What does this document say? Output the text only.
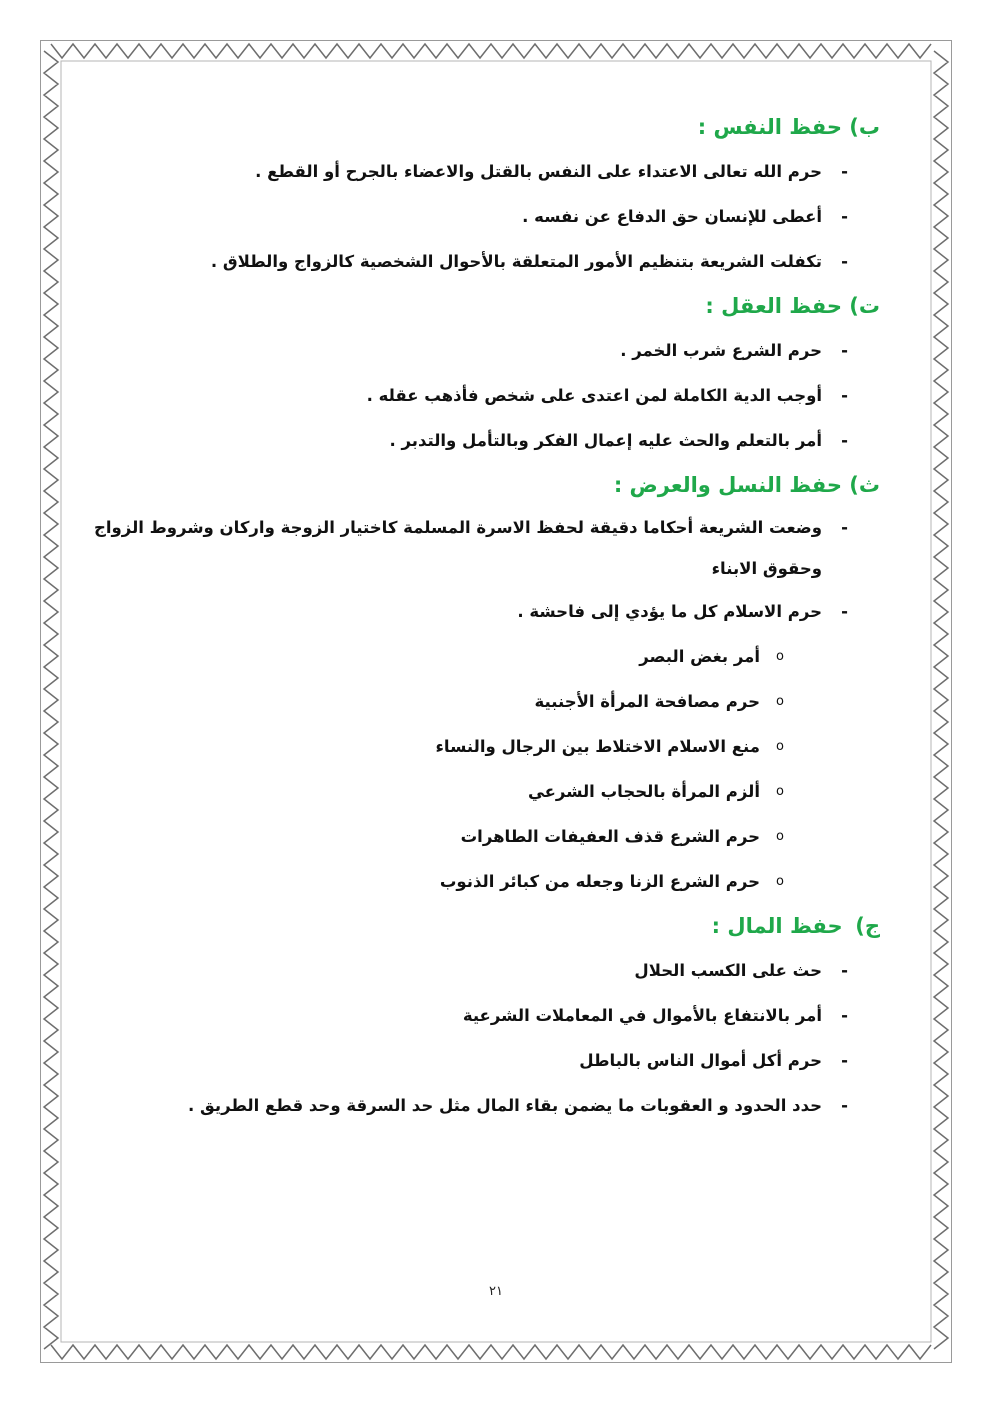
ب) حفظ النفس :
-
حرم الله تعالى الاعتداء على النفس بالقتل والاعضاء بالجرح أو القطع .
-
أعطى للإنسان حق الدفاع عن نفسه .
-
تكفلت الشريعة بتنظيم الأمور المتعلقة بالأحوال الشخصية كالزواج والطلاق .
ت) حفظ العقل :
-
حرم الشرع شرب الخمر .
-
أوجب الدية الكاملة لمن اعتدى على شخص فأذهب عقله .
-
أمر بالتعلم والحث عليه إعمال الفكر وبالتأمل والتدبر .
ث) حفظ النسل والعرض :
-
وضعت الشريعة أحكاما دقيقة لحفظ الاسرة المسلمة كاختيار الزوجة واركان وشروط الزواج وحقوق الابناء
-
حرم الاسلام كل ما يؤدي إلى فاحشة .
o
أمر بغض البصر
o
حرم مصافحة المرأة الأجنبية
o
منع الاسلام الاختلاط بين الرجال والنساء
o
ألزم المرأة بالحجاب الشرعي
o
حرم الشرع قذف العفيفات الطاهرات
o
حرم الشرع الزنا وجعله من كبائر الذنوب
ج) حفظ المال :
-
حث على الكسب الحلال
-
أمر بالانتفاع بالأموال في المعاملات الشرعية
-
حرم أكل أموال الناس بالباطل
-
حدد الحدود و العقوبات ما يضمن بقاء المال مثل حد السرقة وحد قطع الطريق .
٢١
